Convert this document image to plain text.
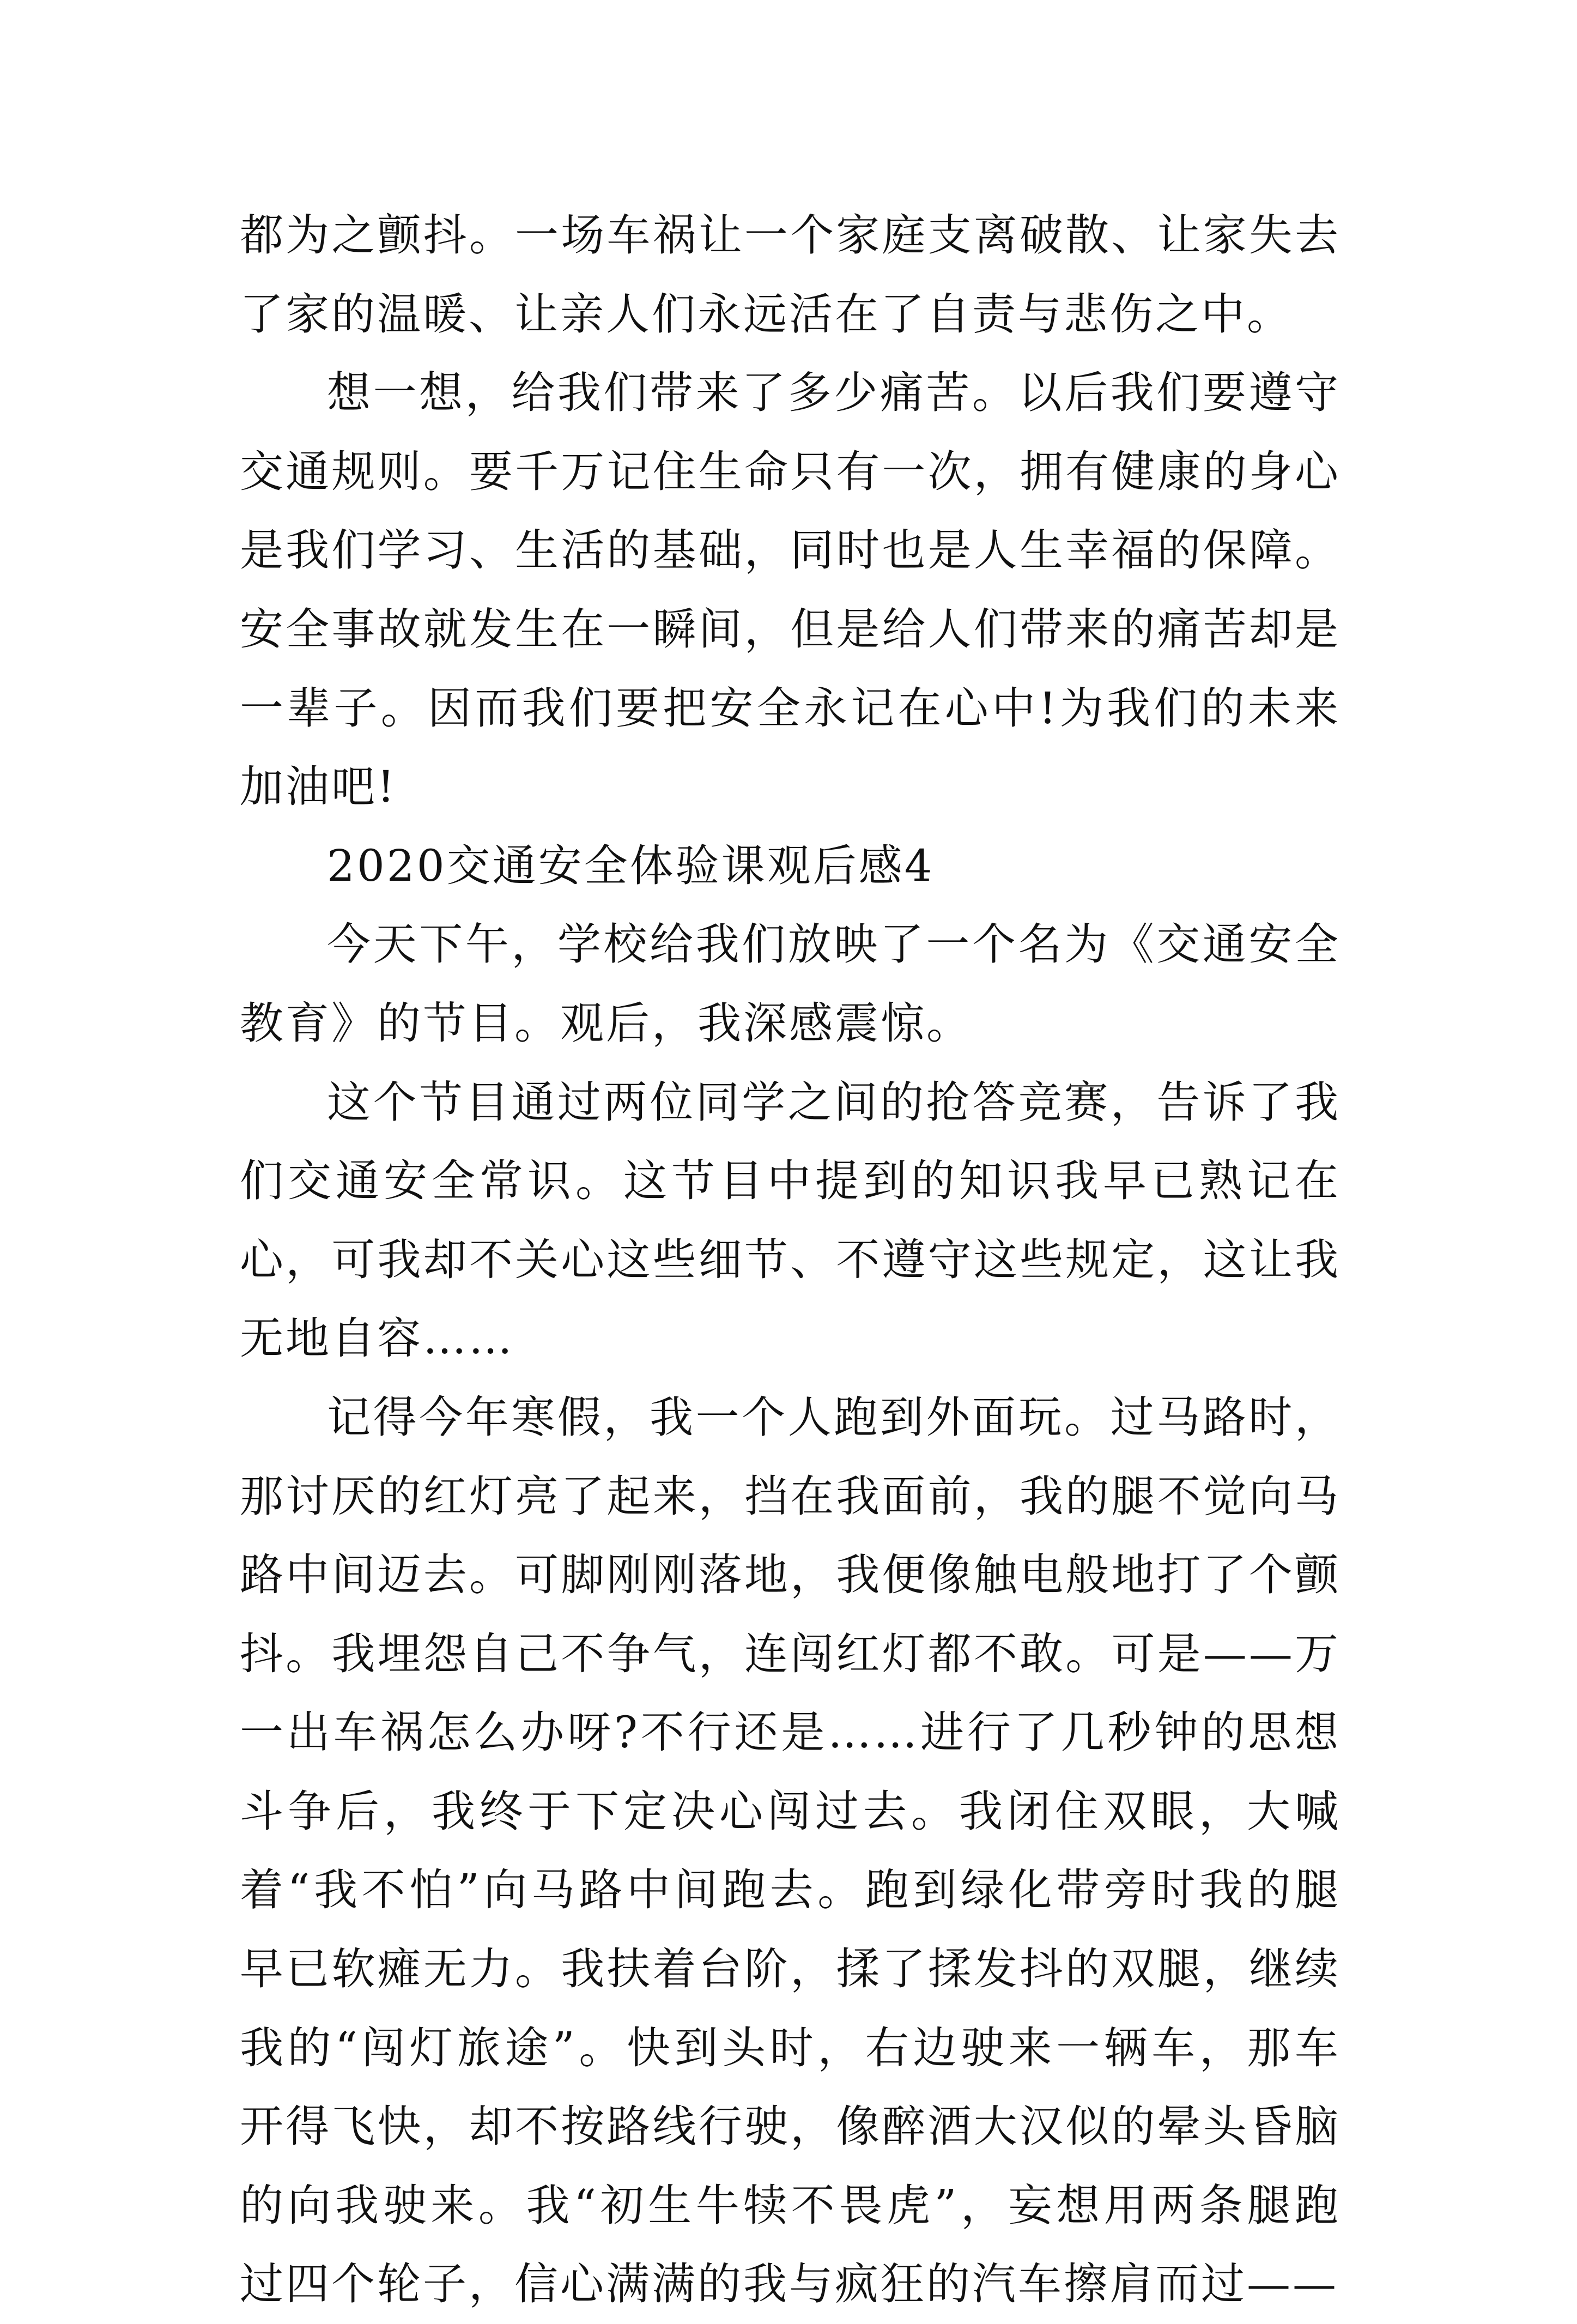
都为之颤抖。一场车祸让一个家庭支离破散、让家失去了家的温暖、让亲人们永远活在了自责与悲伤之中。

想一想，给我们带来了多少痛苦。以后我们要遵守交通规则。要千万记住生命只有一次，拥有健康的身心是我们学习、生活的基础，同时也是人生幸福的保障。安全事故就发生在一瞬间，但是给人们带来的痛苦却是一辈子。因而我们要把安全永记在心中!为我们的未来加油吧!

2020交通安全体验课观后感4

今天下午，学校给我们放映了一个名为《交通安全教育》的节目。观后，我深感震惊。

这个节目通过两位同学之间的抢答竞赛，告诉了我们交通安全常识。这节目中提到的知识我早已熟记在心，可我却不关心这些细节、不遵守这些规定，这让我无地自容……

记得今年寒假，我一个人跑到外面玩。过马路时，那讨厌的红灯亮了起来，挡在我面前，我的腿不觉向马路中间迈去。可脚刚刚落地，我便像触电般地打了个颤抖。我埋怨自己不争气，连闯红灯都不敢。可是——万一出车祸怎么办呀?不行还是……进行了几秒钟的思想斗争后，我终于下定决心闯过去。我闭住双眼，大喊着“我不怕”向马路中间跑去。跑到绿化带旁时我的腿早已软瘫无力。我扶着台阶，揉了揉发抖的双腿，继续我的“闯灯旅途”。快到头时，右边驶来一辆车，那车开得飞快，却不按路线行驶，像醉酒大汉似的晕头昏脑的向我驶来。我“初生牛犊不畏虎”，妄想用两条腿跑过四个轮子，信心满满的我与疯狂的汽车擦肩而过——
